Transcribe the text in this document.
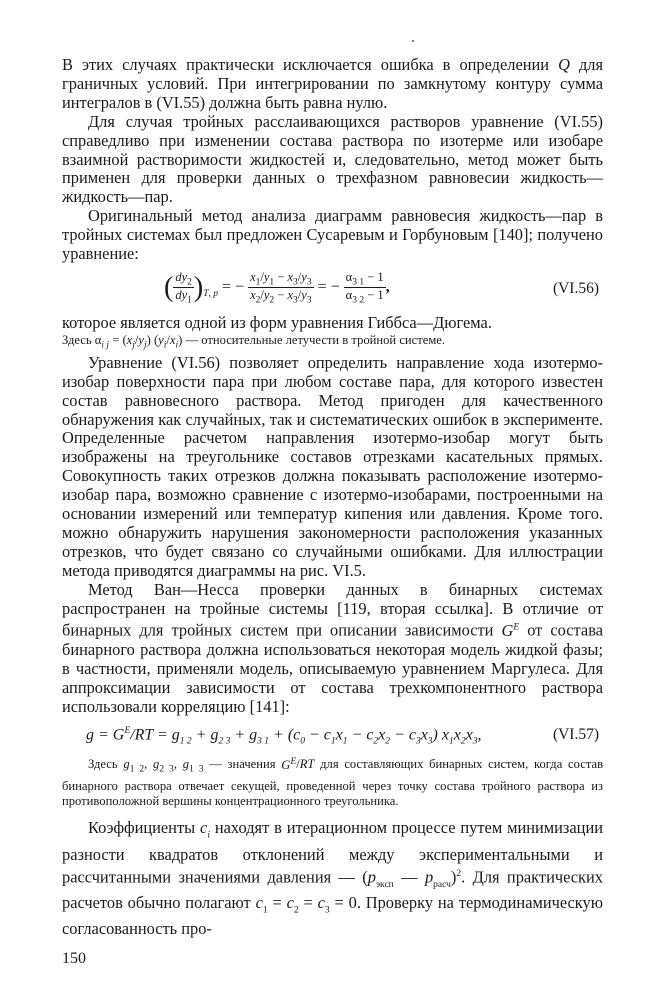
В этих случаях практически исключается ошибка в определении Q для граничных условий. При интегрировании по замкнутому контуру сумма интегралов в (VI.55) должна быть равна нулю.

Для случая тройных расслаивающихся растворов уравнение (VI.55) справедливо при изменении состава раствора по изотерме или изобаре взаимной растворимости жидкостей и, следовательно, метод может быть применен для проверки данных о трехфазном равновесии жидкость—жидкость—пар.

Оригинальный метод анализа диаграмм равновесия жидкость—пар в тройных системах был предложен Сусаревым и Горбуновым [140]; получено уравнение:

( $\frac{dy_2}{dy_1} )_{T, p}$ = − $\frac{x_1/y_1 - x_3/y_3}{x_2/y_2 - x_3/y_3}$ = − $\frac{\alpha_{3 1} - 1}{\alpha_{3 2} - 1}$ ,	(VI.56)

которое является одной из форм уравнения Гиббса—Дюгема.

Здесь $\alpha_{i j} = (x_j/y_j)$ $(y_i/x_i)$ — относительные летучести в тройной системе.

Уравнение (VI.56) позволяет определить направление хода изотермо-изобар поверхности пара при любом составе пара, для которого известен состав равновесного раствора. Метод пригоден для качественного обнаружения как случайных, так и систематических ошибок в эксперименте. Определенные расчетом направления изотермо-изобар могут быть изображены на треугольнике составов отрезками касательных прямых. Совокупность таких отрезков должна показывать расположение изотермо-изобар пара, возможно сравнение с изотермо-изобарами, построенными на основании измерений или температур кипения или давления. Кроме того. можно обнаружить нарушения закономерности расположения указанных отрезков, что будет связано со случайными ошибками. Для иллюстрации метода приводятся диаграммы на рис. VI.5.

Метод Ван—Несса проверки данных в бинарных системах распространен на тройные системы [119, вторая ссылка]. В отличие от бинарных для тройных систем при описании зависимости $G^E$ от состава бинарного раствора должна использоваться некоторая модель жидкой фазы; в частности, применяли модель, описываемую уравнением Маргулеса. Для аппроксимации зависимости от состава трехкомпонентного раствора использовали корреляцию [141]:

$g = G^E/RT = g_{1 2} + g_{2 3} + g_{3 1} + (c_0 - c_1x_1 - c_2x_2 - c_3x_3)$ $x_1x_2x_3$,	(VI.57)

Здесь $g_{1 2}$, $g_{2 3}$, $g_{1 3}$ — значения $G^E/RT$ для составляющих бинарных систем, когда состав бинарного раствора отвечает секущей, проведенной через точку состава тройного раствора из противоположной вершины концентрационного треугольника.

Коэффициенты $c_i$ находят в итерационном процессе путем минимизации разности квадратов отклонений между экспериментальными и рассчитанными значениями давления — ($p_{эксп}$ — $p_{расч})^2$. Для практических расчетов обычно полагают $c_1 = c_2 = c_3 = 0$. Проверку на термодинамическую согласованность про-

150
